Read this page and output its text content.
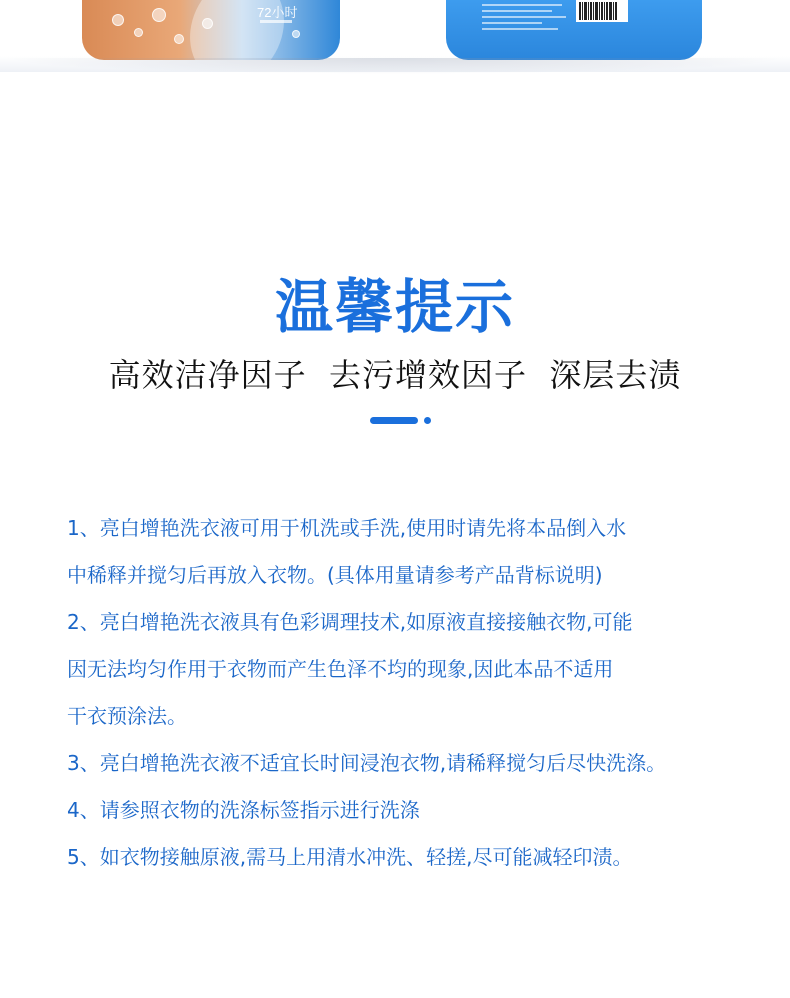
72小时
温馨提示
高效洁净因子  去污增效因子  深层去渍
1、亮白增艳洗衣液可用于机洗或手洗,使用时请先将本品倒入水
中稀释并搅匀后再放入衣物。(具体用量请参考产品背标说明)
2、亮白增艳洗衣液具有色彩调理技术,如原液直接接触衣物,可能
因无法均匀作用于衣物而产生色泽不均的现象,因此本品不适用
干衣预涂法。
3、亮白增艳洗衣液不适宜长时间浸泡衣物,请稀释搅匀后尽快洗涤。
4、请参照衣物的洗涤标签指示进行洗涤
5、如衣物接触原液,需马上用清水冲洗、轻搓,尽可能减轻印渍。
